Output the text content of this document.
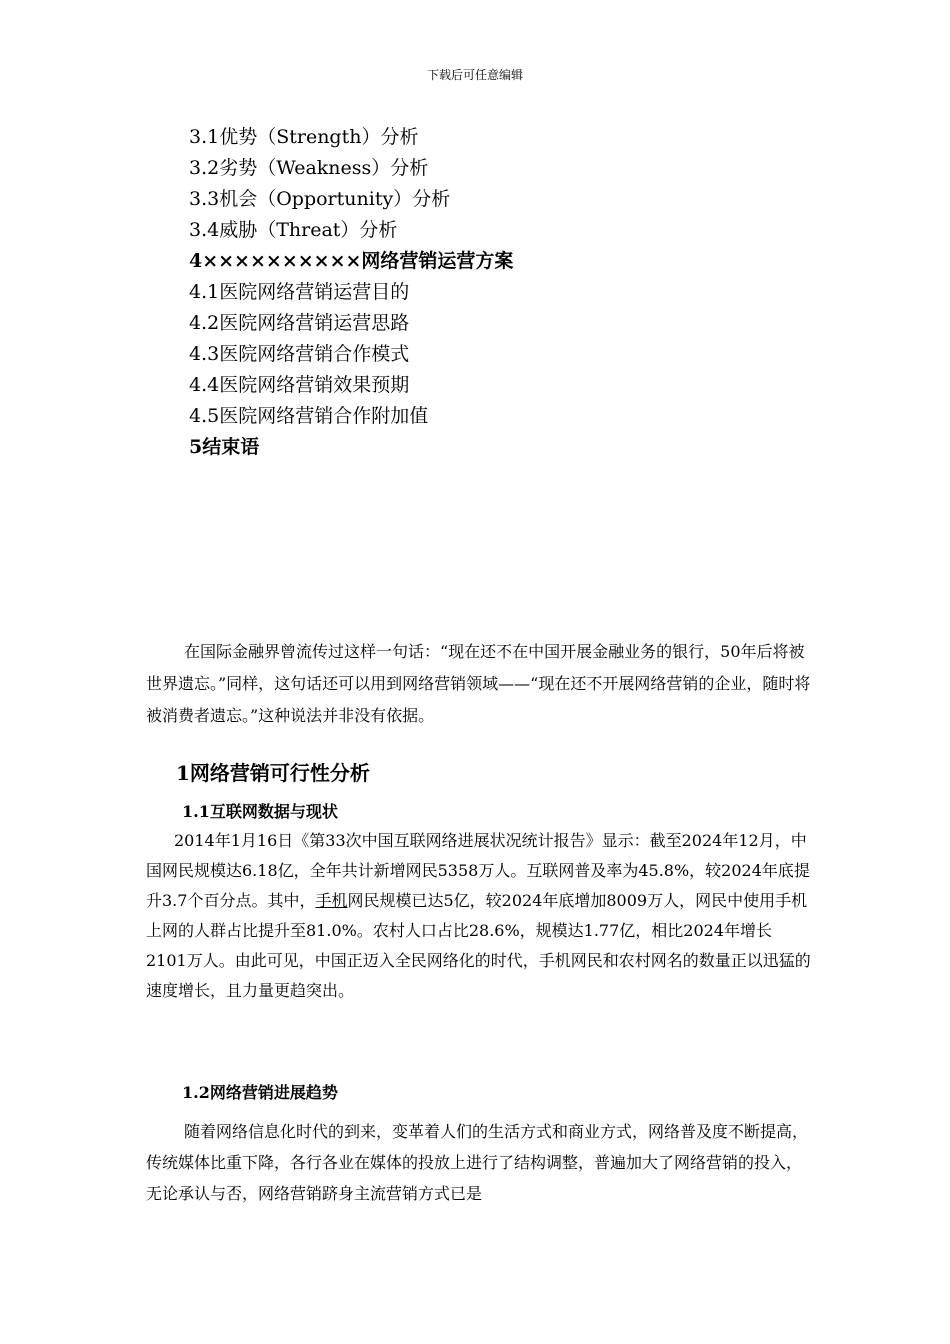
下载后可任意编辑
3.1优势（Strength）分析
3.2劣势（Weakness）分析
3.3机会（Opportunity）分析
3.4威胁（Threat）分析
4××××××××××网络营销运营方案
4.1医院网络营销运营目的
4.2医院网络营销运营思路
4.3医院网络营销合作模式
4.4医院网络营销效果预期
4.5医院网络营销合作附加值
5结束语

在国际金融界曾流传过这样一句话：“现在还不在中国开展金融业务的银行，50年后将被世界遗忘。”同样，这句话还可以用到网络营销领域——“现在还不开展网络营销的企业，随时将被消费者遗忘。”这种说法并非没有依据。

1网络营销可行性分析
1.1互联网数据与现状
2014年1月16日《第33次中国互联网络进展状况统计报告》显示：截至2024年12月，中国网民规模达6.18亿，全年共计新增网民5358万人。互联网普及率为45.8%，较2024年底提升3.7个百分点。其中，手机网民规模已达5亿，较2024年底增加8009万人，网民中使用手机上网的人群占比提升至81.0%。农村人口占比28.6%，规模达1.77亿，相比2024年增长2101万人。由此可见，中国正迈入全民网络化的时代，手机网民和农村网名的数量正以迅猛的速度增长，且力量更趋突出。
1.2网络营销进展趋势
随着网络信息化时代的到来，变革着人们的生活方式和商业方式，网络普及度不断提高，传统媒体比重下降，各行各业在媒体的投放上进行了结构调整，普遍加大了网络营销的投入，无论承认与否，网络营销跻身主流营销方式已是
